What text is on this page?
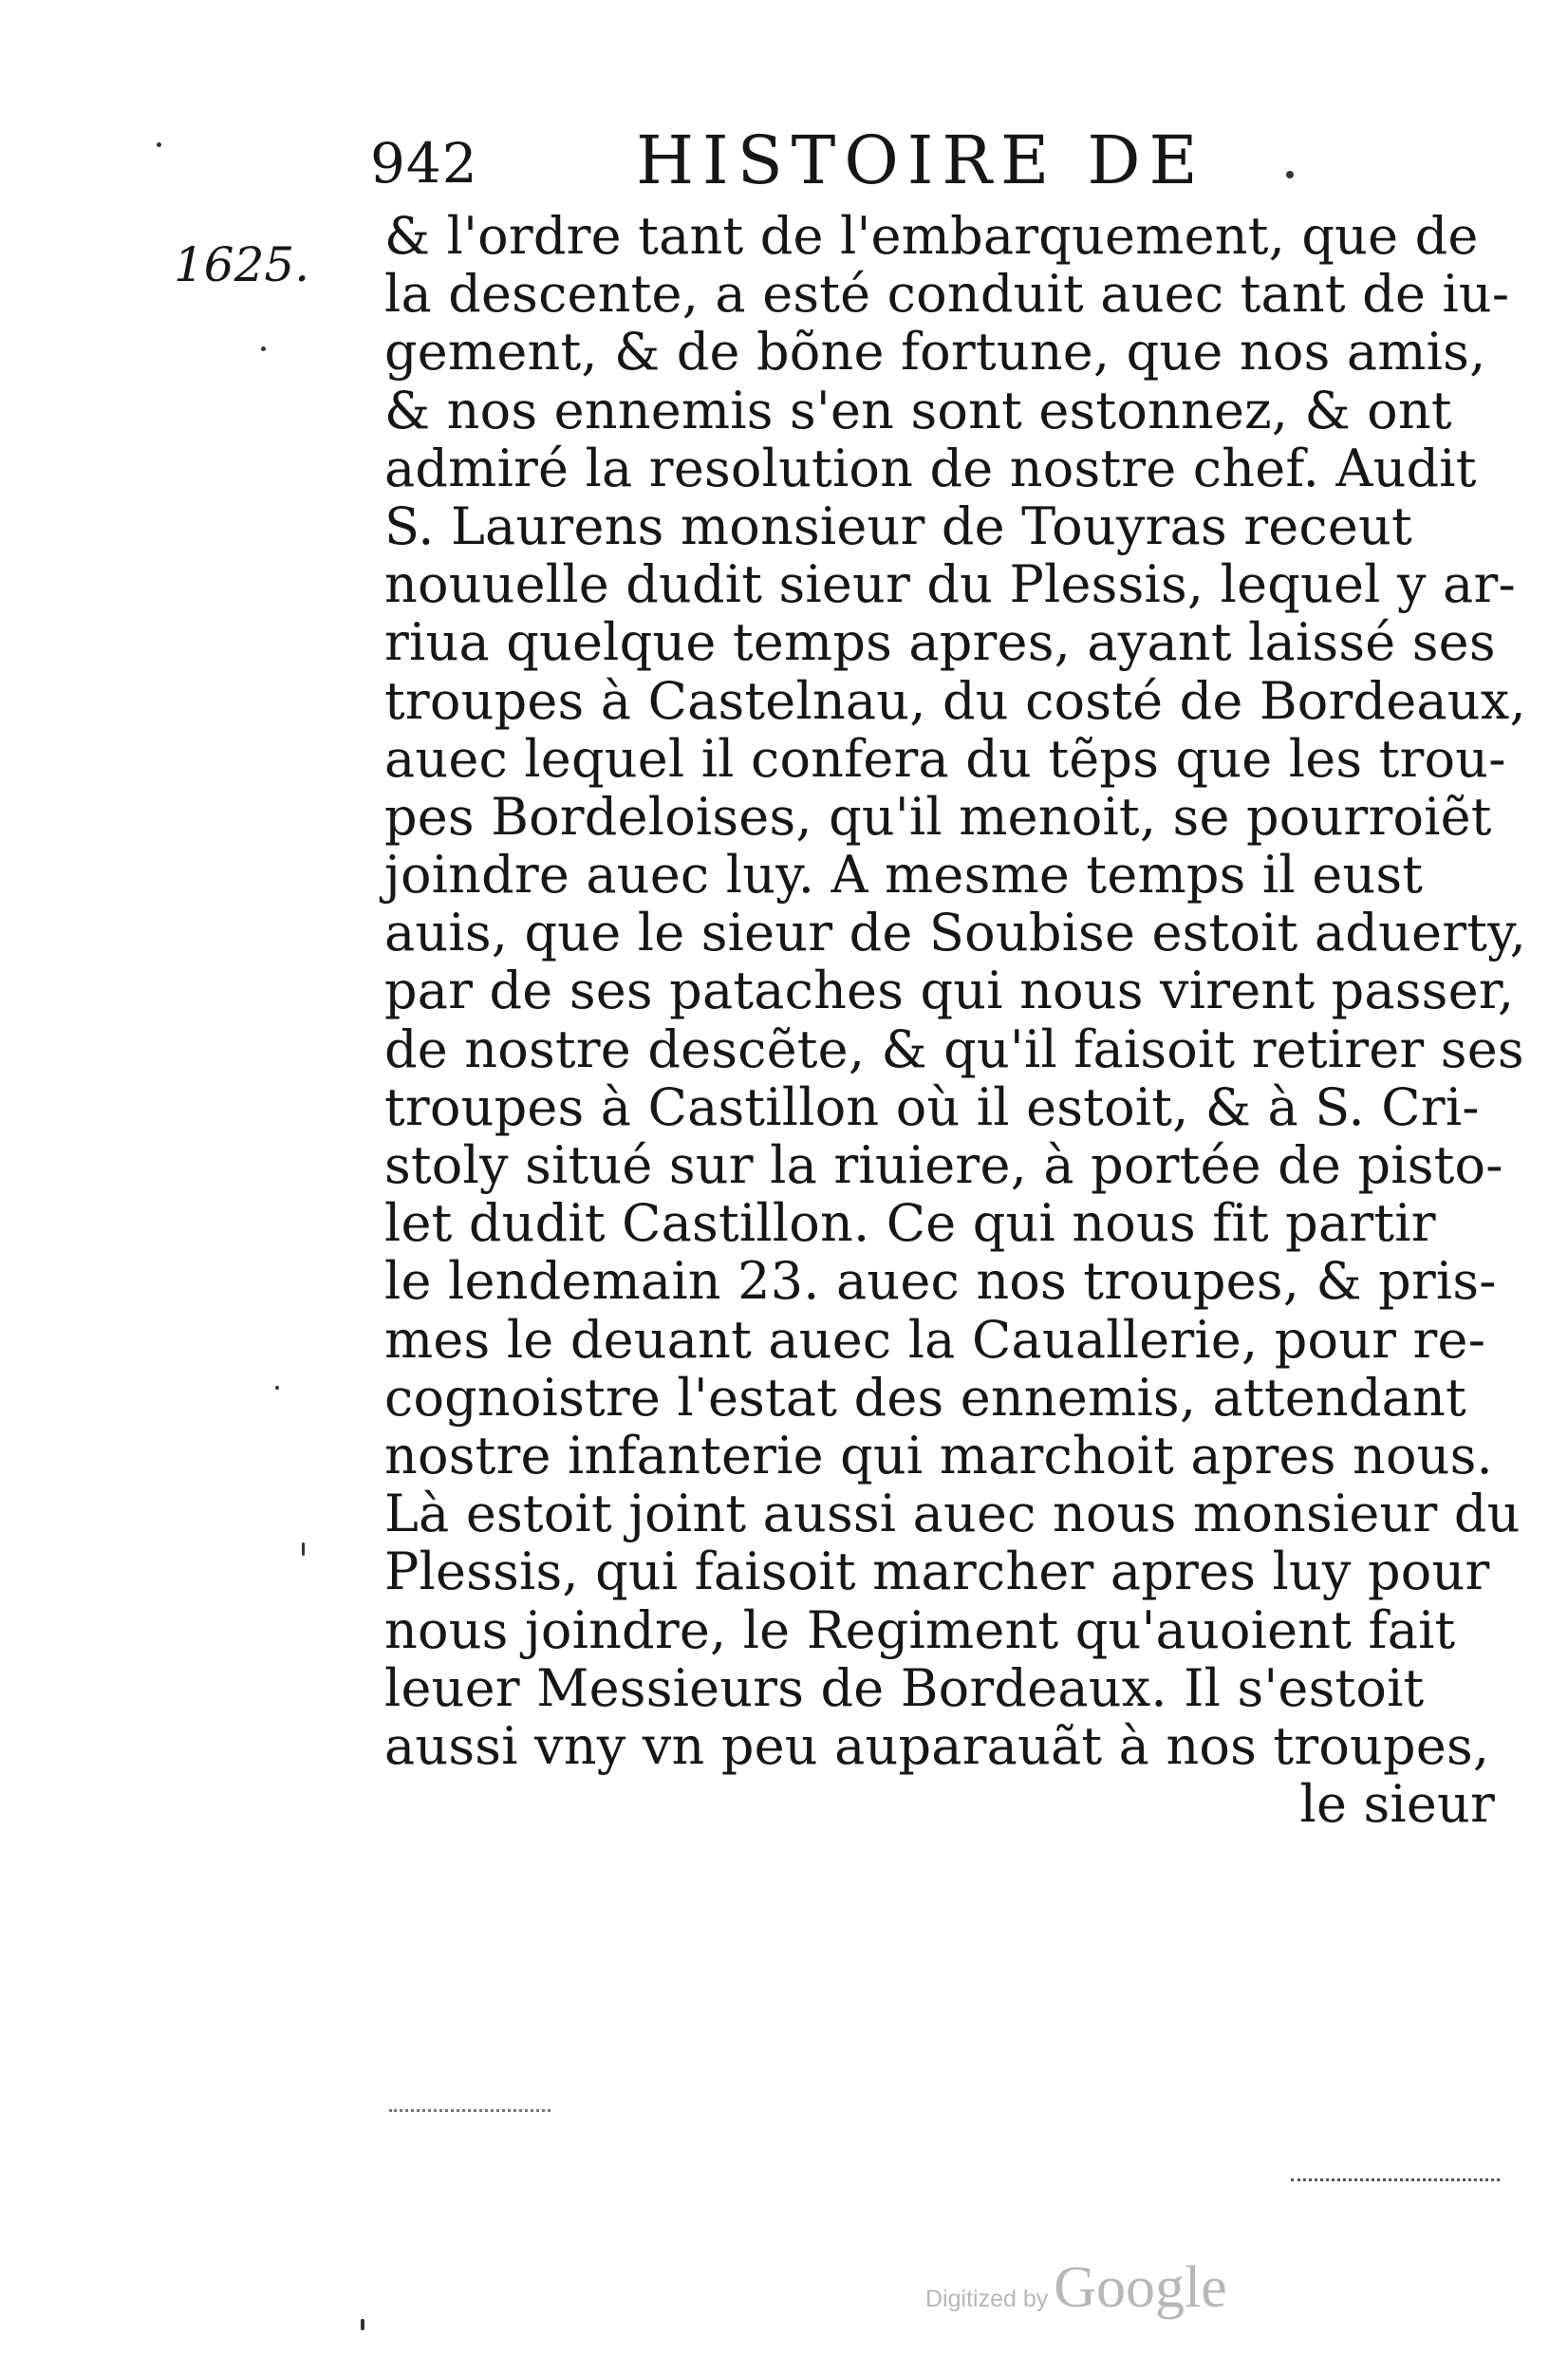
942 HISTOIRE DE
1625. & l'ordre tant de l'embarquement, que de
la descente, a esté conduit auec tant de iu-
gement, & de bõne fortune, que nos amis,
& nos ennemis s'en sont estonnez, & ont
admiré la resolution de nostre chef. Audit
S. Laurens monsieur de Touyras receut
nouuelle dudit sieur du Plessis, lequel y ar-
riua quelque temps apres, ayant laissé ses
troupes à Castelnau, du costé de Bordeaux,
auec lequel il confera du tẽps que les trou-
pes Bordeloises, qu'il menoit, se pourroiẽt
joindre auec luy. A mesme temps il eust
auis, que le sieur de Soubise estoit aduerty,
par de ses pataches qui nous virent passer,
de nostre descẽte, & qu'il faisoit retirer ses
troupes à Castillon où il estoit, & à S. Cri-
stoly situé sur la riuiere, à portée de pisto-
let dudit Castillon. Ce qui nous fit partir
le lendemain 23. auec nos troupes, & pris-
mes le deuant auec la Cauallerie, pour re-
cognoistre l'estat des ennemis, attendant
nostre infanterie qui marchoit apres nous.
Là estoit joint aussi auec nous monsieur du
Plessis, qui faisoit marcher apres luy pour
nous joindre, le Regiment qu'auoient fait
leuer Messieurs de Bordeaux. Il s'estoit
aussi vny vn peu auparauãt à nos troupes,
le sieur
Digitized by Google
